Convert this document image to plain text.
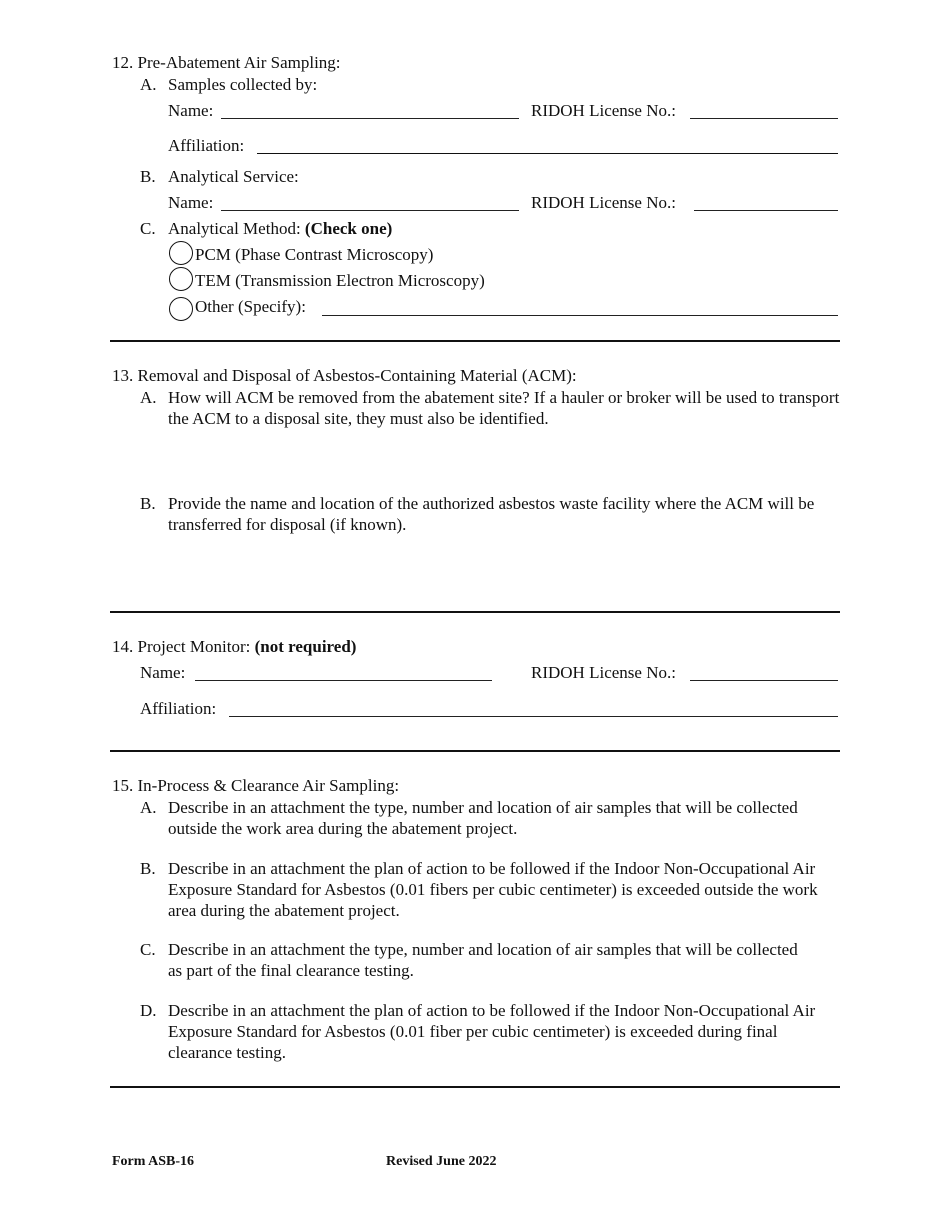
12. Pre-Abatement Air Sampling:
A. Samples collected by:
Name:	RIDOH License No.:
Affiliation:
B. Analytical Service:
Name:	RIDOH License No.:
C. Analytical Method: (Check one)
PCM (Phase Contrast Microscopy)
TEM (Transmission Electron Microscopy)
Other (Specify):
13. Removal and Disposal of Asbestos-Containing Material (ACM):
A. How will ACM be removed from the abatement site? If a hauler or broker will be used to transport the ACM to a disposal site, they must also be identified.
B. Provide the name and location of the authorized asbestos waste facility where the ACM will be transferred for disposal (if known).
14. Project Monitor: (not required)
Name:	RIDOH License No.:
Affiliation:
15. In-Process & Clearance Air Sampling:
A. Describe in an attachment the type, number and location of air samples that will be collected outside the work area during the abatement project.
B. Describe in an attachment the plan of action to be followed if the Indoor Non-Occupational Air Exposure Standard for Asbestos (0.01 fibers per cubic centimeter) is exceeded outside the work area during the abatement project.
C. Describe in an attachment the type, number and location of air samples that will be collected as part of the final clearance testing.
D. Describe in an attachment the plan of action to be followed if the Indoor Non-Occupational Air Exposure Standard for Asbestos (0.01 fiber per cubic centimeter) is exceeded during final clearance testing.
Form ASB-16	Revised June 2022
